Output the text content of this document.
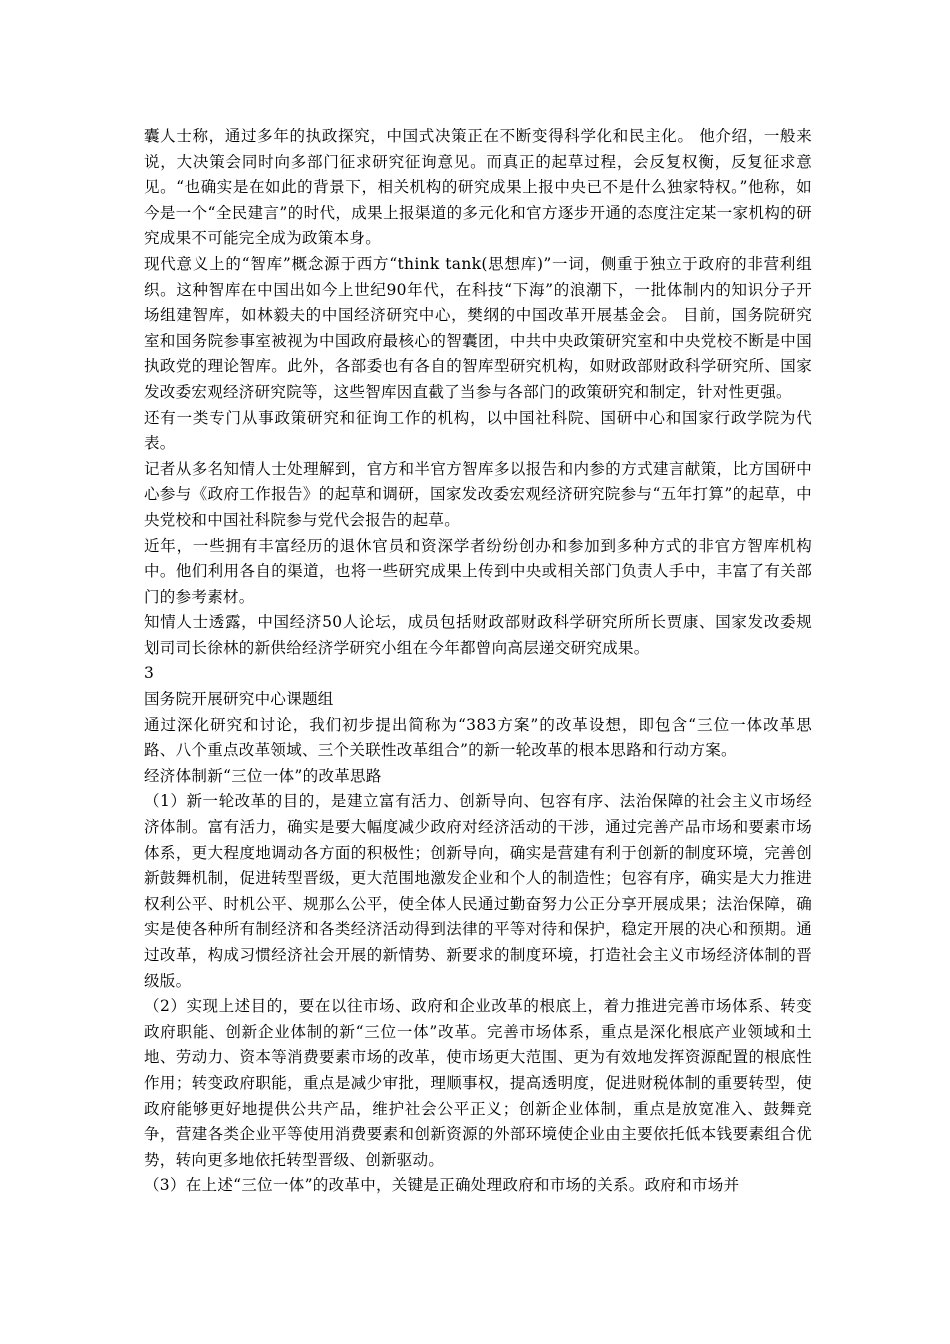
囊人士称，通过多年的执政探究，中国式决策正在不断变得科学化和民主化。 他介绍，一般来说，大决策会同时向多部门征求研究征询意见。而真正的起草过程，会反复权衡，反复征求意见。“也确实是在如此的背景下，相关机构的研究成果上报中央已不是什么独家特权。”他称，如今是一个“全民建言”的时代，成果上报渠道的多元化和官方逐步开通的态度注定某一家机构的研究成果不可能完全成为政策本身。

现代意义上的“智库”概念源于西方“think tank(思想库)”一词，侧重于独立于政府的非营利组织。这种智库在中国出如今上世纪90年代，在科技“下海”的浪潮下，一批体制内的知识分子开场组建智库，如林毅夫的中国经济研究中心，樊纲的中国改革开展基金会。 目前，国务院研究室和国务院参事室被视为中国政府最核心的智囊团，中共中央政策研究室和中央党校不断是中国执政党的理论智库。此外，各部委也有各自的智库型研究机构，如财政部财政科学研究所、国家发改委宏观经济研究院等，这些智库因直截了当参与各部门的政策研究和制定，针对性更强。

还有一类专门从事政策研究和征询工作的机构，以中国社科院、国研中心和国家行政学院为代表。

记者从多名知情人士处理解到，官方和半官方智库多以报告和内参的方式建言献策，比方国研中心参与《政府工作报告》的起草和调研，国家发改委宏观经济研究院参与“五年打算”的起草，中央党校和中国社科院参与党代会报告的起草。

近年，一些拥有丰富经历的退休官员和资深学者纷纷创办和参加到多种方式的非官方智库机构中。他们利用各自的渠道，也将一些研究成果上传到中央或相关部门负责人手中，丰富了有关部门的参考素材。

知情人士透露，中国经济50人论坛，成员包括财政部财政科学研究所所长贾康、国家发改委规划司司长徐林的新供给经济学研究小组在今年都曾向高层递交研究成果。

3

国务院开展研究中心课题组

通过深化研究和讨论，我们初步提出简称为“383方案”的改革设想，即包含“三位一体改革思路、八个重点改革领域、三个关联性改革组合”的新一轮改革的根本思路和行动方案。

经济体制新“三位一体”的改革思路

（1）新一轮改革的目的，是建立富有活力、创新导向、包容有序、法治保障的社会主义市场经济体制。富有活力，确实是要大幅度减少政府对经济活动的干涉，通过完善产品市场和要素市场体系，更大程度地调动各方面的积极性；创新导向，确实是营建有利于创新的制度环境，完善创新鼓舞机制，促进转型晋级，更大范围地激发企业和个人的制造性；包容有序，确实是大力推进权利公平、时机公平、规那么公平，使全体人民通过勤奋努力公正分享开展成果；法治保障，确实是使各种所有制经济和各类经济活动得到法律的平等对待和保护，稳定开展的决心和预期。通过改革，构成习惯经济社会开展的新情势、新要求的制度环境，打造社会主义市场经济体制的晋级版。

（2）实现上述目的，要在以往市场、政府和企业改革的根底上，着力推进完善市场体系、转变政府职能、创新企业体制的新“三位一体”改革。完善市场体系，重点是深化根底产业领域和土地、劳动力、资本等消费要素市场的改革，使市场更大范围、更为有效地发挥资源配置的根底性作用；转变政府职能，重点是减少审批，理顺事权，提高透明度，促进财税体制的重要转型，使政府能够更好地提供公共产品，维护社会公平正义；创新企业体制，重点是放宽准入、鼓舞竞争，营建各类企业平等使用消费要素和创新资源的外部环境使企业由主要依托低本钱要素组合优势，转向更多地依托转型晋级、创新驱动。

（3）在上述“三位一体”的改革中，关键是正确处理政府和市场的关系。政府和市场并
